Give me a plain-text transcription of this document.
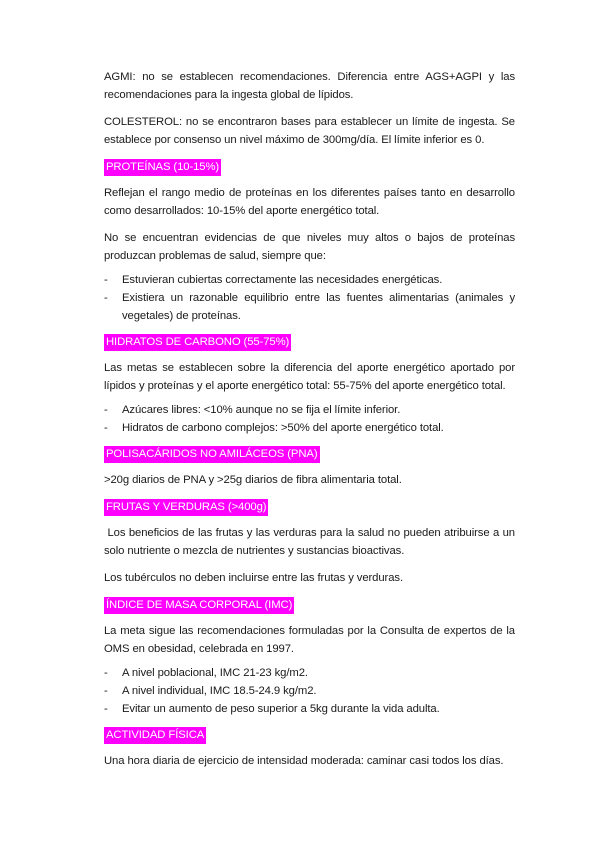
AGMI: no se establecen recomendaciones. Diferencia entre AGS+AGPI y las recomendaciones para la ingesta global de lípidos.

COLESTEROL: no se encontraron bases para establecer un límite de ingesta. Se establece por consenso un nivel máximo de 300mg/día. El límite inferior es 0.

PROTEÍNAS (10-15%)

Reflejan el rango medio de proteínas en los diferentes países tanto en desarrollo como desarrollados: 10-15% del aporte energético total.

No se encuentran evidencias de que niveles muy altos o bajos de proteínas produzcan problemas de salud, siempre que:

- Estuvieran cubiertas correctamente las necesidades energéticas.
- Existiera un razonable equilibrio entre las fuentes alimentarias (animales y vegetales) de proteínas.
HIDRATOS DE CARBONO (55-75%)

Las metas se establecen sobre la diferencia del aporte energético aportado por lípidos y proteínas y el aporte energético total: 55-75% del aporte energético total.

- Azúcares libres: <10% aunque no se fija el límite inferior.
- Hidratos de carbono complejos: >50% del aporte energético total.
POLISACÁRIDOS NO AMILÁCEOS (PNA)

>20g diarios de PNA y >25g diarios de fibra alimentaria total.

FRUTAS Y VERDURAS (>400g)

Los beneficios de las frutas y las verduras para la salud no pueden atribuirse a un solo nutriente o mezcla de nutrientes y sustancias bioactivas.

Los tubérculos no deben incluirse entre las frutas y verduras.

ÍNDICE DE MASA CORPORAL (IMC)

La meta sigue las recomendaciones formuladas por la Consulta de expertos de la OMS en obesidad, celebrada en 1997.

- A nivel poblacional, IMC 21-23 kg/m2.
- A nivel individual, IMC 18.5-24.9 kg/m2.
- Evitar un aumento de peso superior a 5kg durante la vida adulta.
ACTIVIDAD FÍSICA

Una hora diaria de ejercicio de intensidad moderada: caminar casi todos los días.
